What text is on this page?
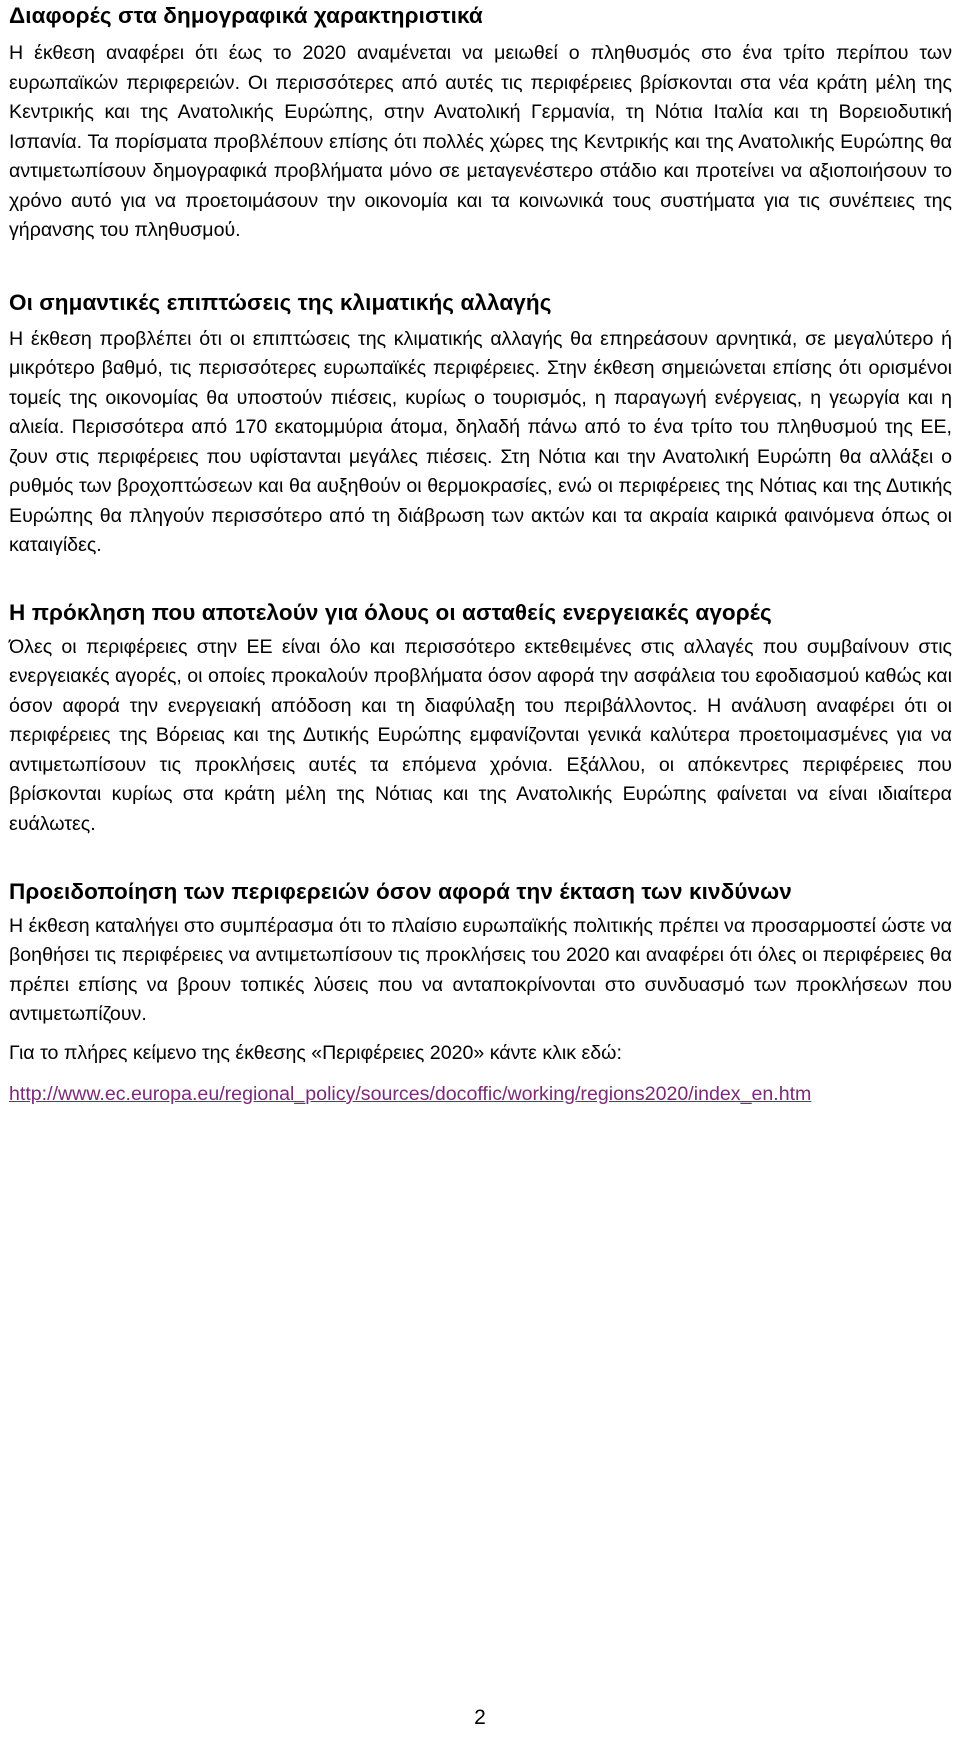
Διαφορές στα δημογραφικά χαρακτηριστικά

Η έκθεση αναφέρει ότι έως το 2020 αναμένεται να μειωθεί ο πληθυσμός στο ένα τρίτο περίπου των ευρωπαϊκών περιφερειών. Οι περισσότερες από αυτές τις περιφέρειες βρίσκονται στα νέα κράτη μέλη της Κεντρικής και της Ανατολικής Ευρώπης, στην Ανατολική Γερμανία, τη Νότια Ιταλία και τη Βορειοδυτική Ισπανία. Τα πορίσματα προβλέπουν επίσης ότι πολλές χώρες της Κεντρικής και της Ανατολικής Ευρώπης θα αντιμετωπίσουν δημογραφικά προβλήματα μόνο σε μεταγενέστερο στάδιο και προτείνει να αξιοποιήσουν το χρόνο αυτό για να προετοιμάσουν την οικονομία και τα κοινωνικά τους συστήματα για τις συνέπειες της γήρανσης του πληθυσμού.

Οι σημαντικές επιπτώσεις της κλιματικής αλλαγής

Η έκθεση προβλέπει ότι οι επιπτώσεις της κλιματικής αλλαγής θα επηρεάσουν αρνητικά, σε μεγαλύτερο ή μικρότερο βαθμό, τις περισσότερες ευρωπαϊκές περιφέρειες. Στην έκθεση σημειώνεται επίσης ότι ορισμένοι τομείς της οικονομίας θα υποστούν πιέσεις, κυρίως ο τουρισμός, η παραγωγή ενέργειας, η γεωργία και η αλιεία. Περισσότερα από 170 εκατομμύρια άτομα, δηλαδή πάνω από το ένα τρίτο του πληθυσμού της ΕΕ, ζουν στις περιφέρειες που υφίστανται μεγάλες πιέσεις. Στη Νότια και την Ανατολική Ευρώπη θα αλλάξει ο ρυθμός των βροχοπτώσεων και θα αυξηθούν οι θερμοκρασίες, ενώ οι περιφέρειες της Νότιας και της Δυτικής Ευρώπης θα πληγούν περισσότερο από τη διάβρωση των ακτών και τα ακραία καιρικά φαινόμενα όπως οι καταιγίδες.

Η πρόκληση που αποτελούν για όλους οι ασταθείς ενεργειακές αγορές

Όλες οι περιφέρειες στην ΕΕ είναι όλο και περισσότερο εκτεθειμένες στις αλλαγές που συμβαίνουν στις ενεργειακές αγορές, οι οποίες προκαλούν προβλήματα όσον αφορά την ασφάλεια του εφοδιασμού καθώς και όσον αφορά την ενεργειακή απόδοση και τη διαφύλαξη του περιβάλλοντος. Η ανάλυση αναφέρει ότι οι περιφέρειες της Βόρειας και της Δυτικής Ευρώπης εμφανίζονται γενικά καλύτερα προετοιμασμένες για να αντιμετωπίσουν τις προκλήσεις αυτές τα επόμενα χρόνια. Εξάλλου, οι απόκεντρες περιφέρειες που βρίσκονται κυρίως στα κράτη μέλη της Νότιας και της Ανατολικής Ευρώπης φαίνεται να είναι ιδιαίτερα ευάλωτες.

Προειδοποίηση των περιφερειών όσον αφορά την έκταση των κινδύνων

Η έκθεση καταλήγει στο συμπέρασμα ότι το πλαίσιο ευρωπαϊκής πολιτικής πρέπει να προσαρμοστεί ώστε να βοηθήσει τις περιφέρειες να αντιμετωπίσουν τις προκλήσεις του 2020 και αναφέρει ότι όλες οι περιφέρειες θα πρέπει επίσης να βρουν τοπικές λύσεις που να ανταποκρίνονται στο συνδυασμό των προκλήσεων που αντιμετωπίζουν.

Για το πλήρες κείμενο της έκθεσης «Περιφέρειες 2020» κάντε κλικ εδώ:

http://www.ec.europa.eu/regional_policy/sources/docoffic/working/regions2020/index_en.htm
2
